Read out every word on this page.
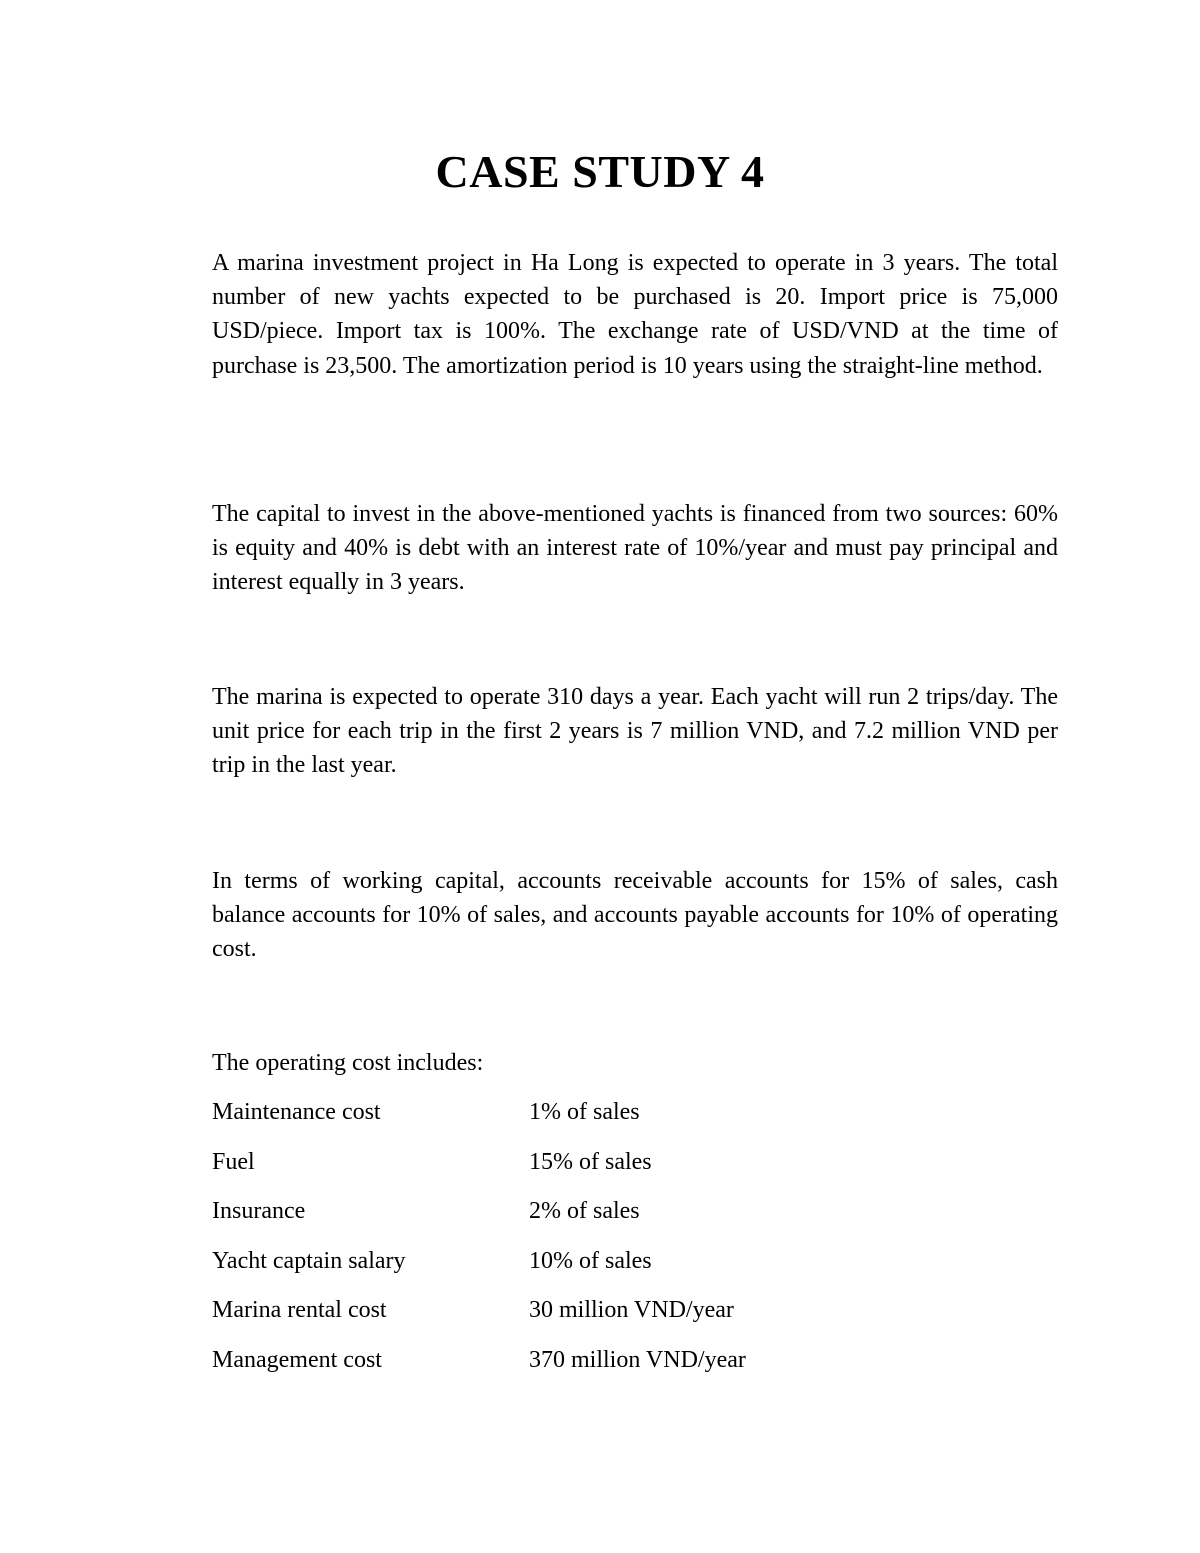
CASE STUDY 4

A marina investment project in Ha Long is expected to operate in 3 years. The total number of new yachts expected to be purchased is 20. Import price is 75,000 USD/piece. Import tax is 100%. The exchange rate of USD/VND at the time of purchase is 23,500. The amortization period is 10 years using the straight-line method.

The capital to invest in the above-mentioned yachts is financed from two sources: 60% is equity and 40% is debt with an interest rate of 10%/year and must pay principal and interest equally in 3 years.

The marina is expected to operate 310 days a year. Each yacht will run 2 trips/day. The unit price for each trip in the first 2 years is 7 million VND, and 7.2 million VND per trip in the last year.

In terms of working capital, accounts receivable accounts for 15% of sales, cash balance accounts for 10% of sales, and accounts payable accounts for 10% of operating cost.

The operating cost includes:

Maintenance cost	1% of sales
Fuel	15% of sales
Insurance	2% of sales
Yacht captain salary	10% of sales
Marina rental cost	30 million VND/year
Management cost	370 million VND/year
